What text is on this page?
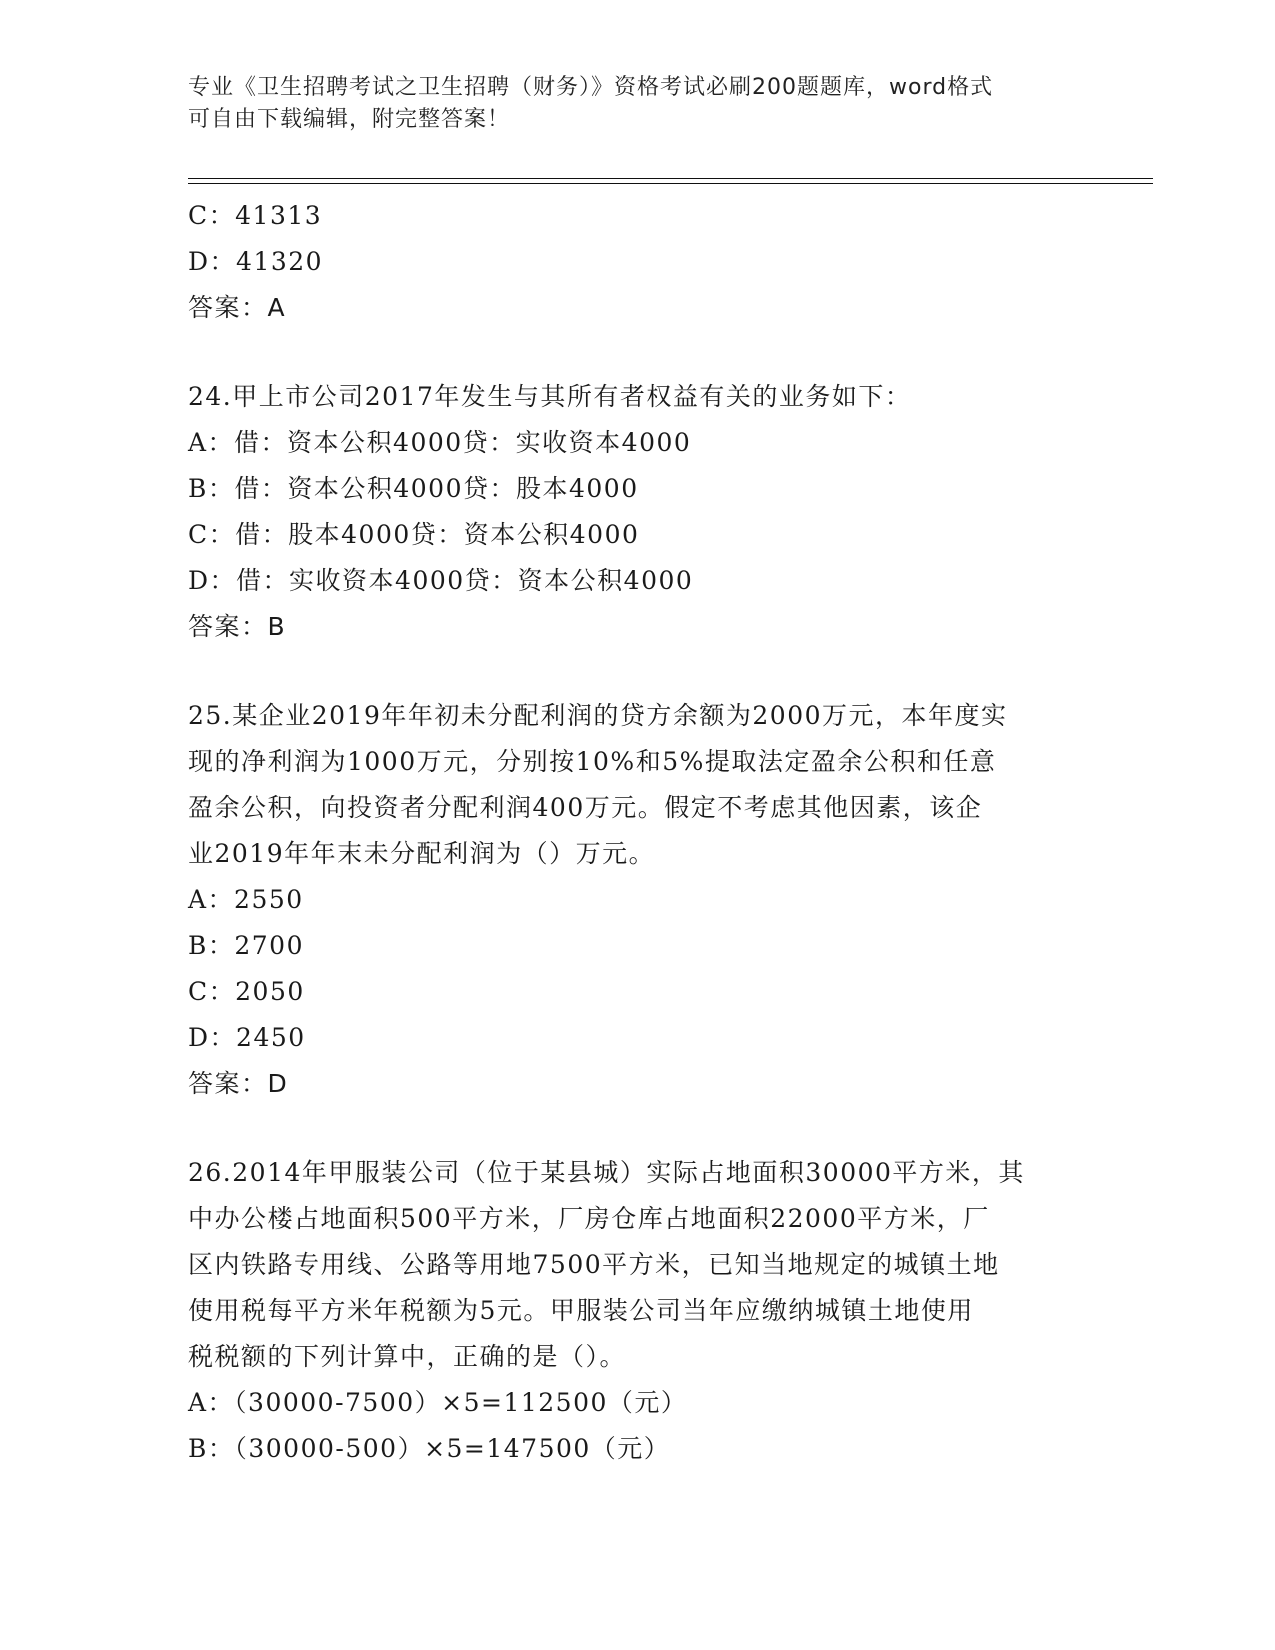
专业《卫生招聘考试之卫生招聘（财务）》资格考试必刷200题题库，word格式
可自由下载编辑，附完整答案！
C：41313
D：41320
答案：A
24.甲上市公司2017年发生与其所有者权益有关的业务如下：
A：借：资本公积4000贷：实收资本4000
B：借：资本公积4000贷：股本4000
C：借：股本4000贷：资本公积4000
D：借：实收资本4000贷：资本公积4000
答案：B
25.某企业2019年年初未分配利润的贷方余额为2000万元，本年度实
现的净利润为1000万元，分别按10%和5%提取法定盈余公积和任意
盈余公积，向投资者分配利润400万元。假定不考虑其他因素，该企
业2019年年末未分配利润为（）万元。
A：2550
B：2700
C：2050
D：2450
答案：D
26.2014年甲服装公司（位于某县城）实际占地面积30000平方米，其
中办公楼占地面积500平方米，厂房仓库占地面积22000平方米，厂
区内铁路专用线、公路等用地7500平方米，已知当地规定的城镇土地
使用税每平方米年税额为5元。甲服装公司当年应缴纳城镇土地使用
税税额的下列计算中，正确的是（）。
A：（30000-7500）×5=112500（元）
B：（30000-500）×5=147500（元）
